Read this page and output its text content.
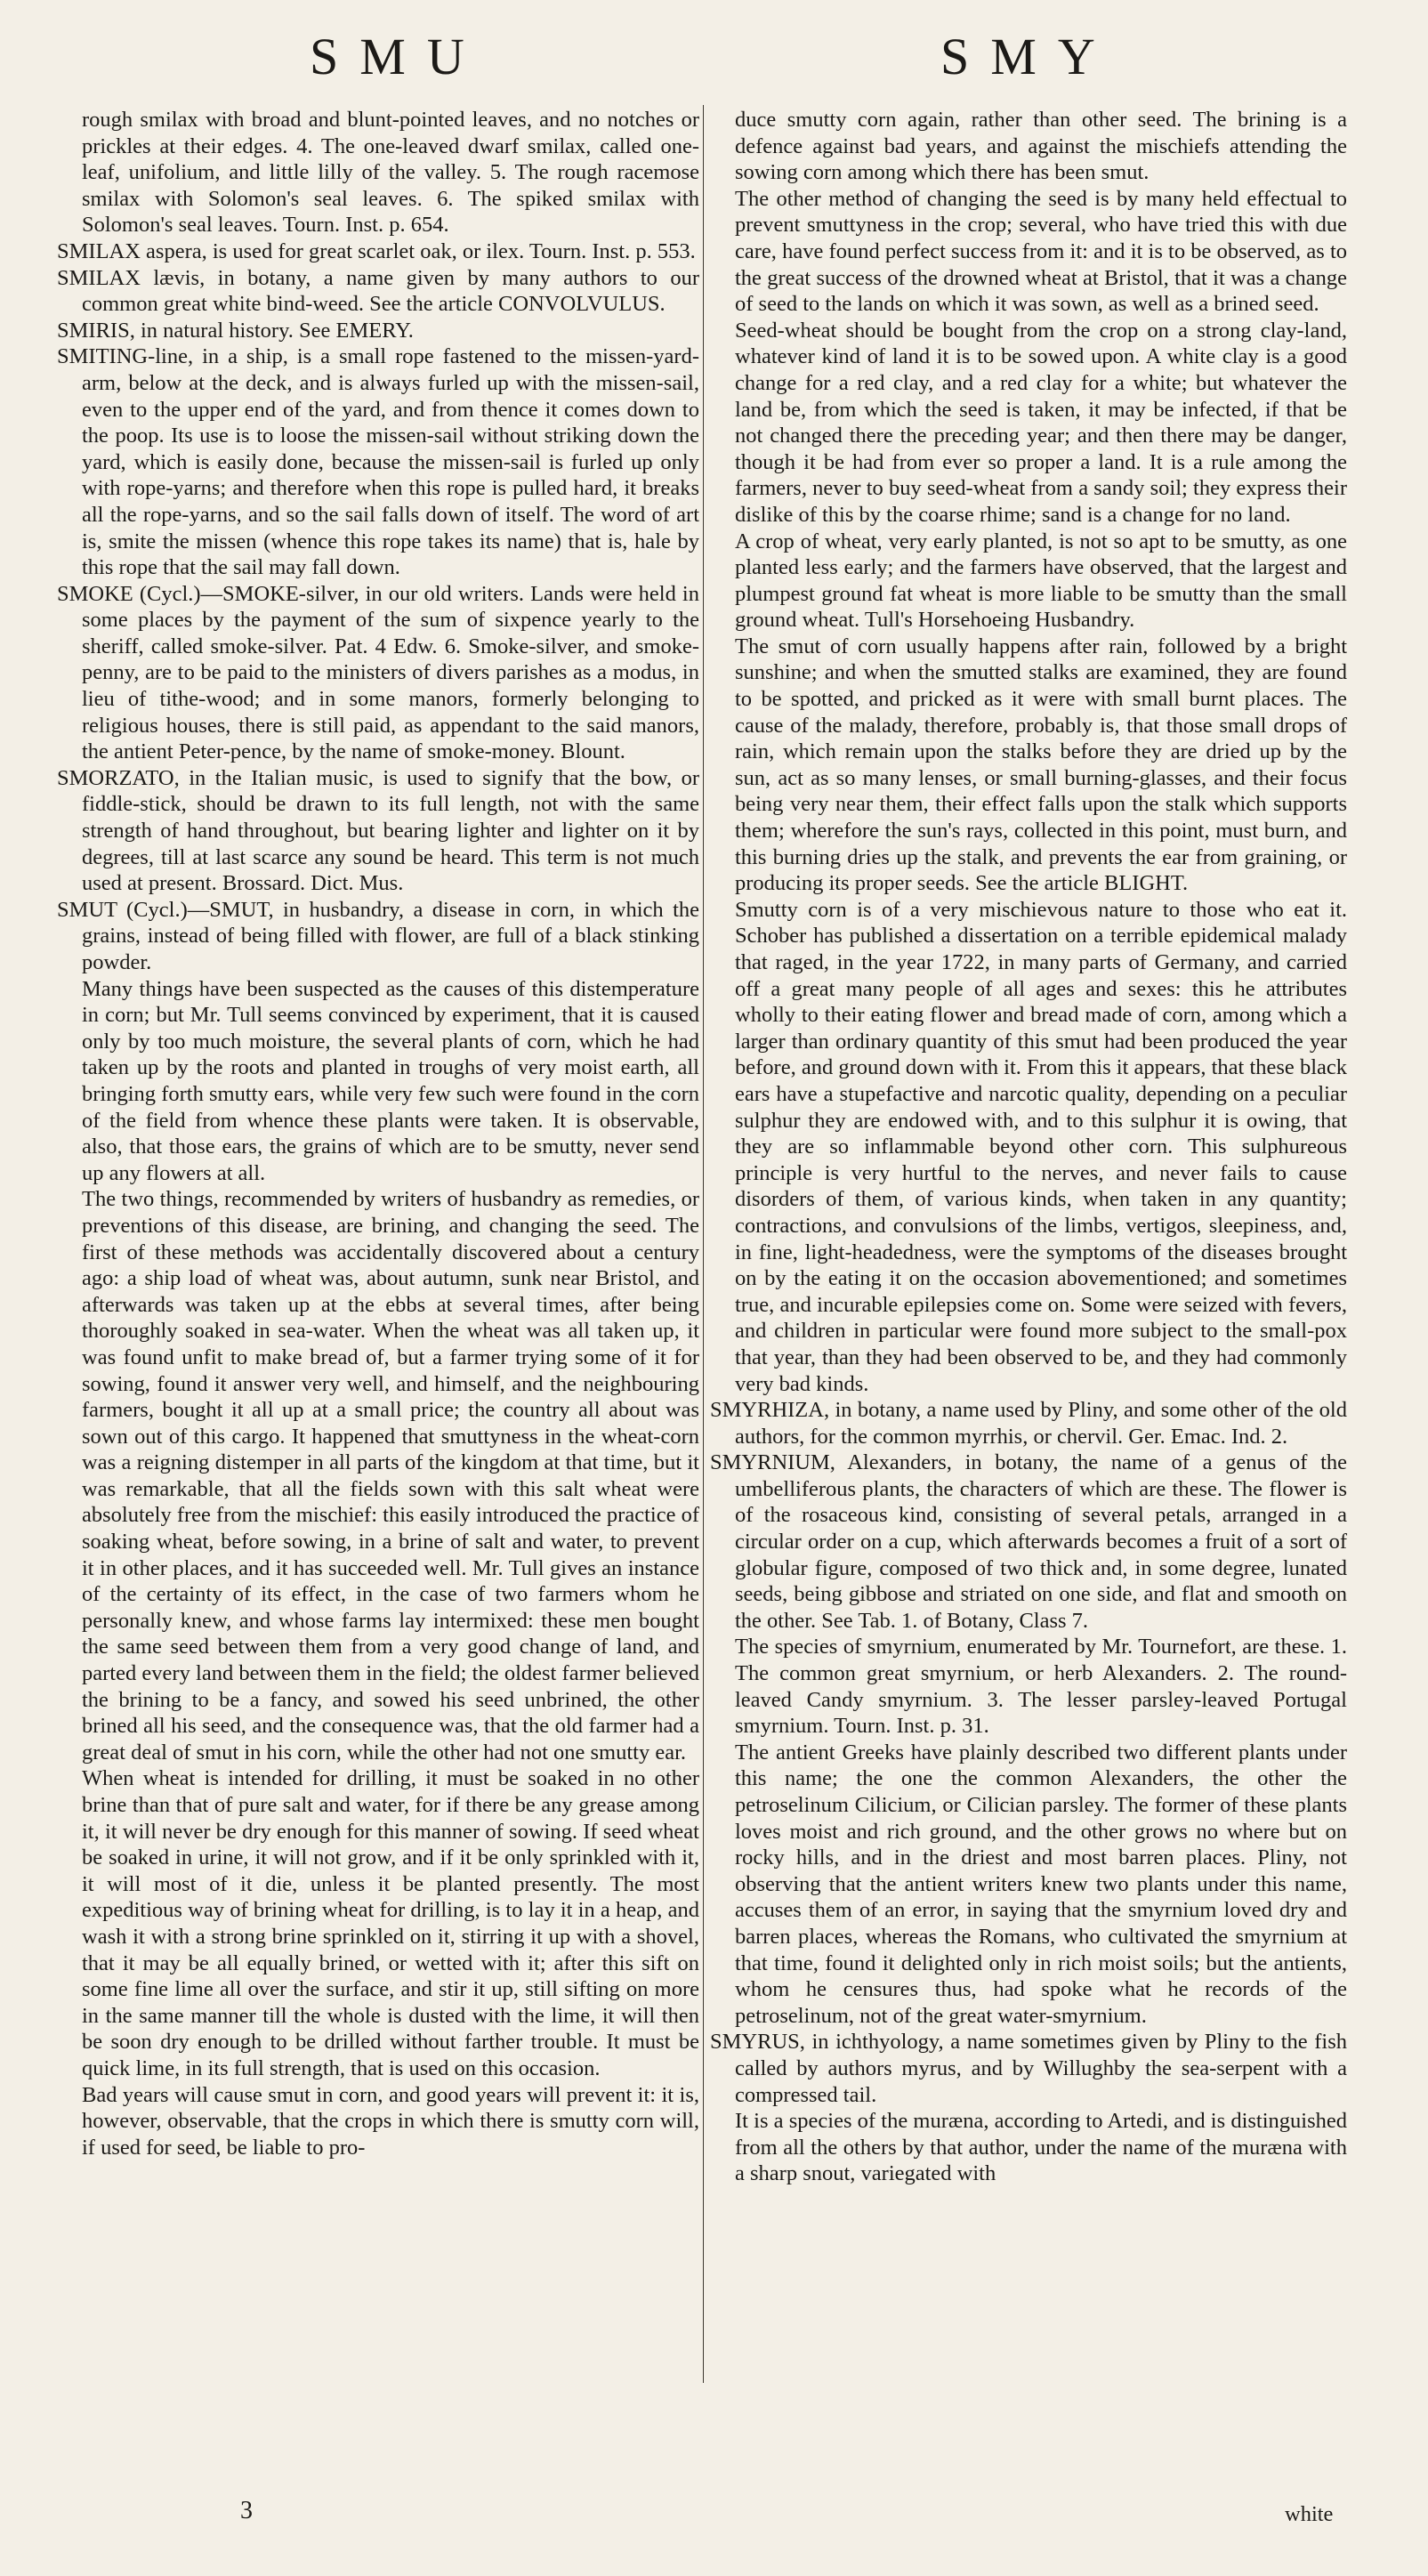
SMU	SMY

rough smilax with broad and blunt-pointed leaves, and no notches or prickles at their edges. 4. The one-leaved dwarf smilax, called one-leaf, unifolium, and little lilly of the valley. 5. The rough racemose smilax with Solomon's seal leaves. 6. The spiked smilax with Solomon's seal leaves. Tourn. Inst. p. 654.

SMILAX aspera, is used for great scarlet oak, or ilex. Tourn. Inst. p. 553.

SMILAX lævis, in botany, a name given by many authors to our common great white bind-weed. See the article CONVOLVULUS.

SMIRIS, in natural history. See EMERY.

SMITING-line, in a ship, is a small rope fastened to the missen-yard-arm, below at the deck, and is always furled up with the missen-sail, even to the upper end of the yard, and from thence it comes down to the poop. Its use is to loose the missen-sail without striking down the yard, which is easily done, because the missen-sail is furled up only with rope-yarns; and therefore when this rope is pulled hard, it breaks all the rope-yarns, and so the sail falls down of itself. The word of art is, smite the missen (whence this rope takes its name) that is, hale by this rope that the sail may fall down.

SMOKE (Cycl.)—SMOKE-silver, in our old writers. Lands were held in some places by the payment of the sum of sixpence yearly to the sheriff, called smoke-silver. Pat. 4 Edw. 6. Smoke-silver, and smoke-penny, are to be paid to the ministers of divers parishes as a modus, in lieu of tithe-wood; and in some manors, formerly belonging to religious houses, there is still paid, as appendant to the said manors, the antient Peter-pence, by the name of smoke-money. Blount.

SMORZATO, in the Italian music, is used to signify that the bow, or fiddle-stick, should be drawn to its full length, not with the same strength of hand throughout, but bearing lighter and lighter on it by degrees, till at last scarce any sound be heard. This term is not much used at present. Brossard. Dict. Mus.

SMUT (Cycl.)—SMUT, in husbandry, a disease in corn, in which the grains, instead of being filled with flower, are full of a black stinking powder.

Many things have been suspected as the causes of this distemperature in corn; but Mr. Tull seems convinced by experiment, that it is caused only by too much moisture, the several plants of corn, which he had taken up by the roots and planted in troughs of very moist earth, all bringing forth smutty ears, while very few such were found in the corn of the field from whence these plants were taken. It is observable, also, that those ears, the grains of which are to be smutty, never send up any flowers at all.

The two things, recommended by writers of husbandry as remedies, or preventions of this disease, are brining, and changing the seed. The first of these methods was accidentally discovered about a century ago: a ship load of wheat was, about autumn, sunk near Bristol, and afterwards was taken up at the ebbs at several times, after being thoroughly soaked in sea-water. When the wheat was all taken up, it was found unfit to make bread of, but a farmer trying some of it for sowing, found it answer very well, and himself, and the neighbouring farmers, bought it all up at a small price; the country all about was sown out of this cargo. It happened that smuttyness in the wheat-corn was a reigning distemper in all parts of the kingdom at that time, but it was remarkable, that all the fields sown with this salt wheat were absolutely free from the mischief: this easily introduced the practice of soaking wheat, before sowing, in a brine of salt and water, to prevent it in other places, and it has succeeded well. Mr. Tull gives an instance of the certainty of its effect, in the case of two farmers whom he personally knew, and whose farms lay intermixed: these men bought the same seed between them from a very good change of land, and parted every land between them in the field; the oldest farmer believed the brining to be a fancy, and sowed his seed unbrined, the other brined all his seed, and the consequence was, that the old farmer had a great deal of smut in his corn, while the other had not one smutty ear.

When wheat is intended for drilling, it must be soaked in no other brine than that of pure salt and water, for if there be any grease among it, it will never be dry enough for this manner of sowing. If seed wheat be soaked in urine, it will not grow, and if it be only sprinkled with it, it will most of it die, unless it be planted presently. The most expeditious way of brining wheat for drilling, is to lay it in a heap, and wash it with a strong brine sprinkled on it, stirring it up with a shovel, that it may be all equally brined, or wetted with it; after this sift on some fine lime all over the surface, and stir it up, still sifting on more in the same manner till the whole is dusted with the lime, it will then be soon dry enough to be drilled without farther trouble. It must be quick lime, in its full strength, that is used on this occasion.

Bad years will cause smut in corn, and good years will prevent it: it is, however, observable, that the crops in which there is smutty corn will, if used for seed, be liable to pro-

duce smutty corn again, rather than other seed. The brining is a defence against bad years, and against the mischiefs attending the sowing corn among which there has been smut.

The other method of changing the seed is by many held effectual to prevent smuttyness in the crop; several, who have tried this with due care, have found perfect success from it: and it is to be observed, as to the great success of the drowned wheat at Bristol, that it was a change of seed to the lands on which it was sown, as well as a brined seed.

Seed-wheat should be bought from the crop on a strong clay-land, whatever kind of land it is to be sowed upon. A white clay is a good change for a red clay, and a red clay for a white; but whatever the land be, from which the seed is taken, it may be infected, if that be not changed there the preceding year; and then there may be danger, though it be had from ever so proper a land. It is a rule among the farmers, never to buy seed-wheat from a sandy soil; they express their dislike of this by the coarse rhime; sand is a change for no land.

A crop of wheat, very early planted, is not so apt to be smutty, as one planted less early; and the farmers have observed, that the largest and plumpest ground fat wheat is more liable to be smutty than the small ground wheat. Tull's Horsehoeing Husbandry.

The smut of corn usually happens after rain, followed by a bright sunshine; and when the smutted stalks are examined, they are found to be spotted, and pricked as it were with small burnt places. The cause of the malady, therefore, probably is, that those small drops of rain, which remain upon the stalks before they are dried up by the sun, act as so many lenses, or small burning-glasses, and their focus being very near them, their effect falls upon the stalk which supports them; wherefore the sun's rays, collected in this point, must burn, and this burning dries up the stalk, and prevents the ear from graining, or producing its proper seeds. See the article BLIGHT.

Smutty corn is of a very mischievous nature to those who eat it. Schober has published a dissertation on a terrible epidemical malady that raged, in the year 1722, in many parts of Germany, and carried off a great many people of all ages and sexes: this he attributes wholly to their eating flower and bread made of corn, among which a larger than ordinary quantity of this smut had been produced the year before, and ground down with it. From this it appears, that these black ears have a stupefactive and narcotic quality, depending on a peculiar sulphur they are endowed with, and to this sulphur it is owing, that they are so inflammable beyond other corn. This sulphureous principle is very hurtful to the nerves, and never fails to cause disorders of them, of various kinds, when taken in any quantity; contractions, and convulsions of the limbs, vertigos, sleepiness, and, in fine, light-headedness, were the symptoms of the diseases brought on by the eating it on the occasion abovementioned; and sometimes true, and incurable epilepsies come on. Some were seized with fevers, and children in particular were found more subject to the small-pox that year, than they had been observed to be, and they had commonly very bad kinds.

SMYRHIZA, in botany, a name used by Pliny, and some other of the old authors, for the common myrrhis, or chervil. Ger. Emac. Ind. 2.

SMYRNIUM, Alexanders, in botany, the name of a genus of the umbelliferous plants, the characters of which are these. The flower is of the rosaceous kind, consisting of several petals, arranged in a circular order on a cup, which afterwards becomes a fruit of a sort of globular figure, composed of two thick and, in some degree, lunated seeds, being gibbose and striated on one side, and flat and smooth on the other. See Tab. 1. of Botany, Class 7.

The species of smyrnium, enumerated by Mr. Tournefort, are these. 1. The common great smyrnium, or herb Alexanders. 2. The round-leaved Candy smyrnium. 3. The lesser parsley-leaved Portugal smyrnium. Tourn. Inst. p. 31.

The antient Greeks have plainly described two different plants under this name; the one the common Alexanders, the other the petroselinum Cilicium, or Cilician parsley. The former of these plants loves moist and rich ground, and the other grows no where but on rocky hills, and in the driest and most barren places. Pliny, not observing that the antient writers knew two plants under this name, accuses them of an error, in saying that the smyrnium loved dry and barren places, whereas the Romans, who cultivated the smyrnium at that time, found it delighted only in rich moist soils; but the antients, whom he censures thus, had spoke what he records of the petroselinum, not of the great water-smyrnium.

SMYRUS, in ichthyology, a name sometimes given by Pliny to the fish called by authors myrus, and by Willughby the sea-serpent with a compressed tail.

It is a species of the muræna, according to Artedi, and is distinguished from all the others by that author, under the name of the muræna with a sharp snout, variegated with

3	white
